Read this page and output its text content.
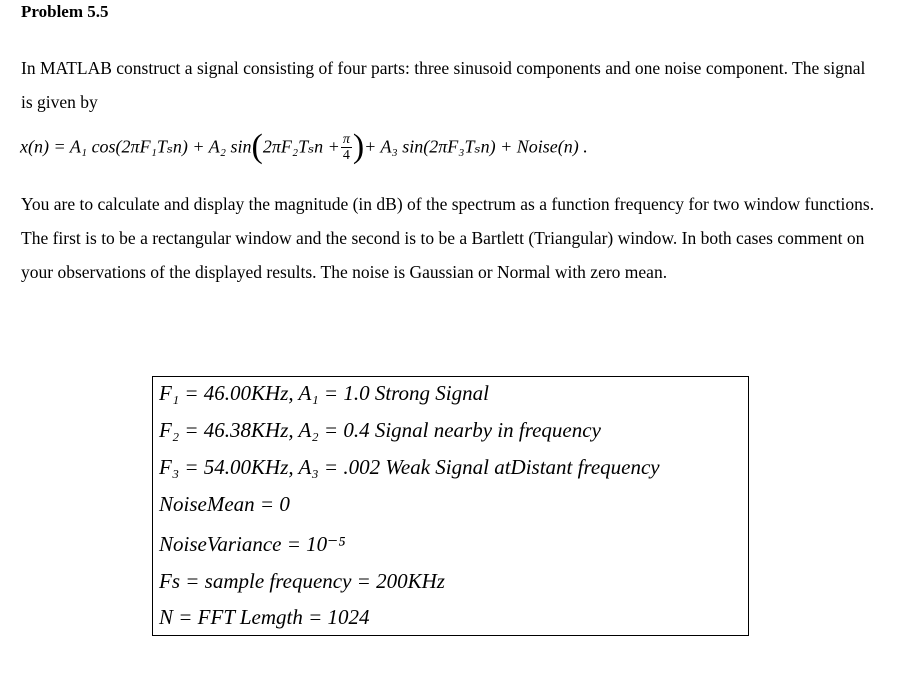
Problem 5.5
In MATLAB construct a signal consisting of four parts: three sinusoid components and one noise component. The signal is given by
x(n) = A₁ cos(2πF₁Tₛn) + A₂ $\sin(2\pi F_2T_sn + \frac{\pi}{4}$ )+ A₃ sin(2πF₃Tₛn) + Noise(n) .
You are to calculate and display the magnitude (in dB) of the spectrum as a function frequency for two window functions. The first is to be a rectangular window and the second is to be a Bartlett (Triangular) window. In both cases comment on your observations of the displayed results. The noise is Gaussian or Normal with zero mean.
F₁ = 46.00KHz, A₁ = 1.0 Strong Signal
F₂ = 46.38KHz, A₂ = 0.4 Signal nearby in frequency
F₃ = 54.00KHz, A₃ = .002 Weak Signal atDistant frequency
NoiseMean = 0
NoiseVariance = 10⁻⁵
Fs = sample frequency = 200KHz
N = FFT Lemgth = 1024
